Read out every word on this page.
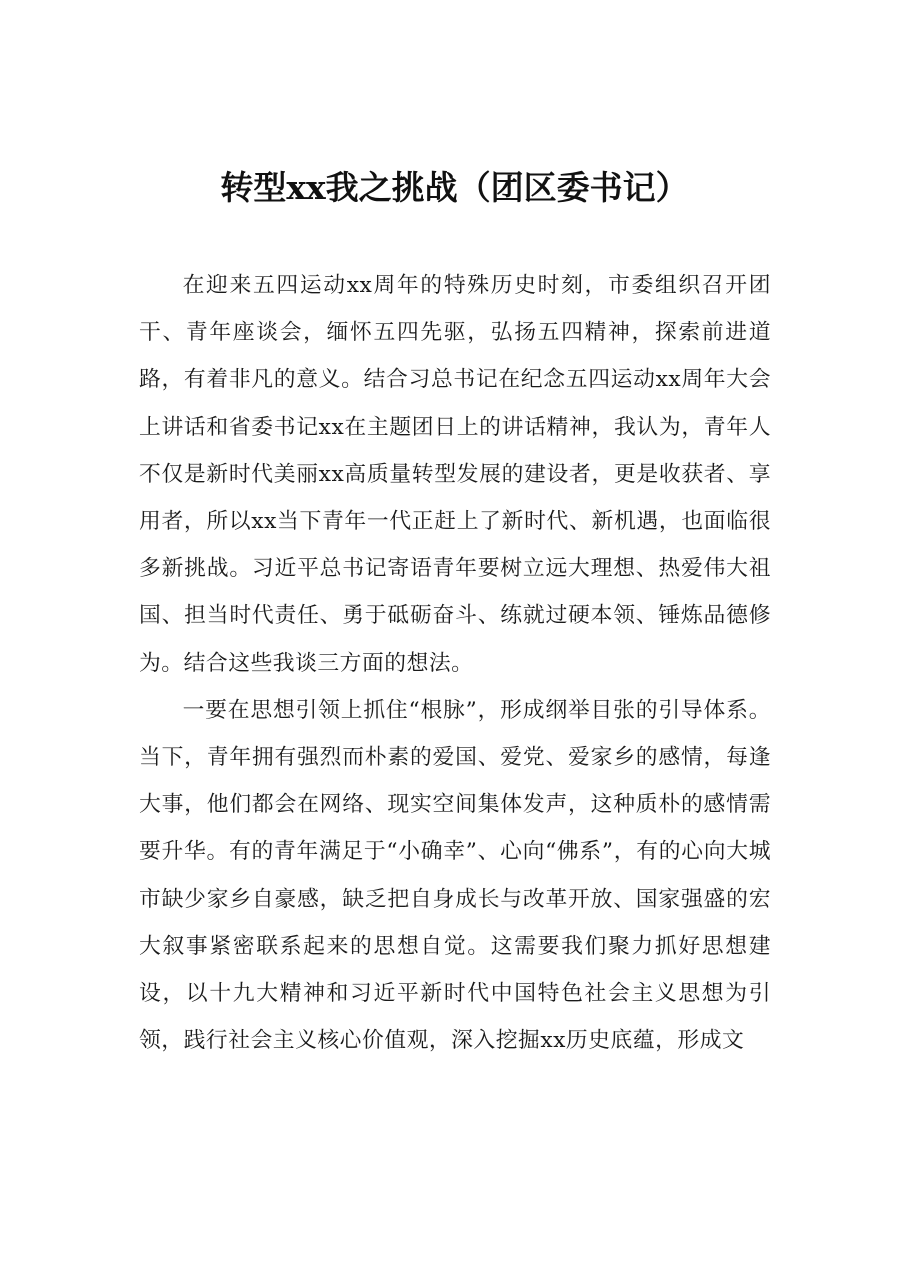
转型xx我之挑战（团区委书记）

在迎来五四运动xx周年的特殊历史时刻，市委组织召开团干、青年座谈会，缅怀五四先驱，弘扬五四精神，探索前进道路，有着非凡的意义。结合习总书记在纪念五四运动xx周年大会上讲话和省委书记xx在主题团日上的讲话精神，我认为，青年人不仅是新时代美丽xx高质量转型发展的建设者，更是收获者、享用者，所以xx当下青年一代正赶上了新时代、新机遇，也面临很多新挑战。习近平总书记寄语青年要树立远大理想、热爱伟大祖国、担当时代责任、勇于砥砺奋斗、练就过硬本领、锤炼品德修为。结合这些我谈三方面的想法。

一要在思想引领上抓住“根脉”，形成纲举目张的引导体系。当下，青年拥有强烈而朴素的爱国、爱党、爱家乡的感情，每逢大事，他们都会在网络、现实空间集体发声，这种质朴的感情需要升华。有的青年满足于“小确幸”、心向“佛系”，有的心向大城市缺少家乡自豪感，缺乏把自身成长与改革开放、国家强盛的宏大叙事紧密联系起来的思想自觉。这需要我们聚力抓好思想建设，以十九大精神和习近平新时代中国特色社会主义思想为引领，践行社会主义核心价值观，深入挖掘xx历史底蕴，形成文
